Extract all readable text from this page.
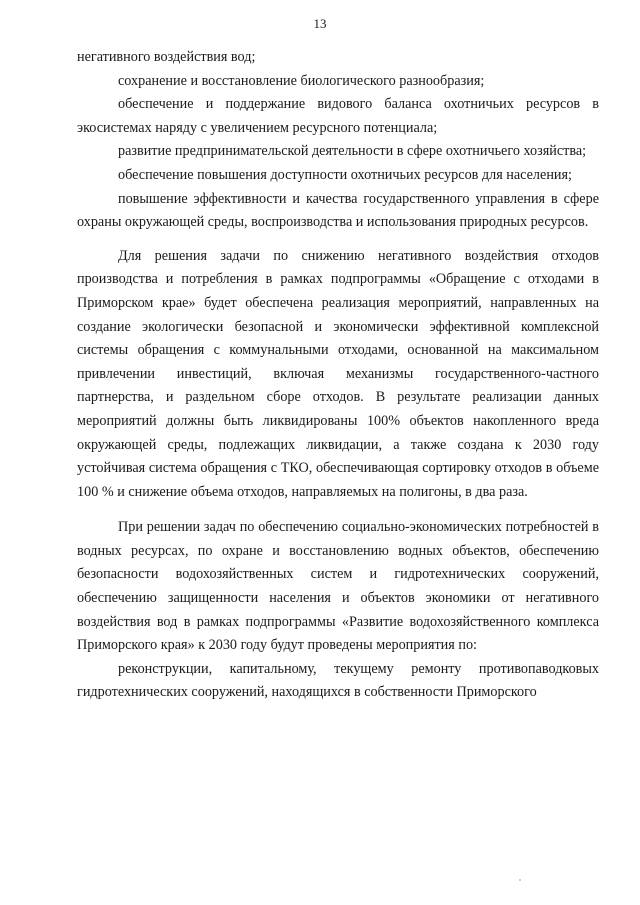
13

негативного воздействия вод;

сохранение и восстановление биологического разнообразия;

обеспечение и поддержание видового баланса охотничьих ресурсов в экосистемах наряду с увеличением ресурсного потенциала;

развитие предпринимательской деятельности в сфере охотничьего хозяйства;

обеспечение повышения доступности охотничьих ресурсов для населения;

повышение эффективности и качества государственного управления в сфере охраны окружающей среды, воспроизводства и использования природных ресурсов.

Для решения задачи по снижению негативного воздействия отходов производства и потребления в рамках подпрограммы «Обращение с отходами в Приморском крае» будет обеспечена реализация мероприятий, направленных на создание экологически безопасной и экономически эффективной комплексной системы обращения с коммунальными отходами, основанной на максимальном привлечении инвестиций, включая механизмы государственного-частного партнерства, и раздельном сборе отходов. В результате реализации данных мероприятий должны быть ликвидированы 100% объектов накопленного вреда окружающей среды, подлежащих ликвидации, а также создана к 2030 году устойчивая система обращения с ТКО, обеспечивающая сортировку отходов в объеме 100 % и снижение объема отходов, направляемых на полигоны, в два раза.

При решении задач по обеспечению социально-экономических потребностей в водных ресурсах, по охране и восстановлению водных объектов, обеспечению безопасности водохозяйственных систем и гидротехнических сооружений, обеспечению защищенности населения и объектов экономики от негативного воздействия вод в рамках подпрограммы «Развитие водохозяйственного комплекса Приморского края» к 2030 году будут проведены мероприятия по:

реконструкции, капитальному, текущему ремонту противопаводковых гидротехнических сооружений, находящихся в собственности Приморского
